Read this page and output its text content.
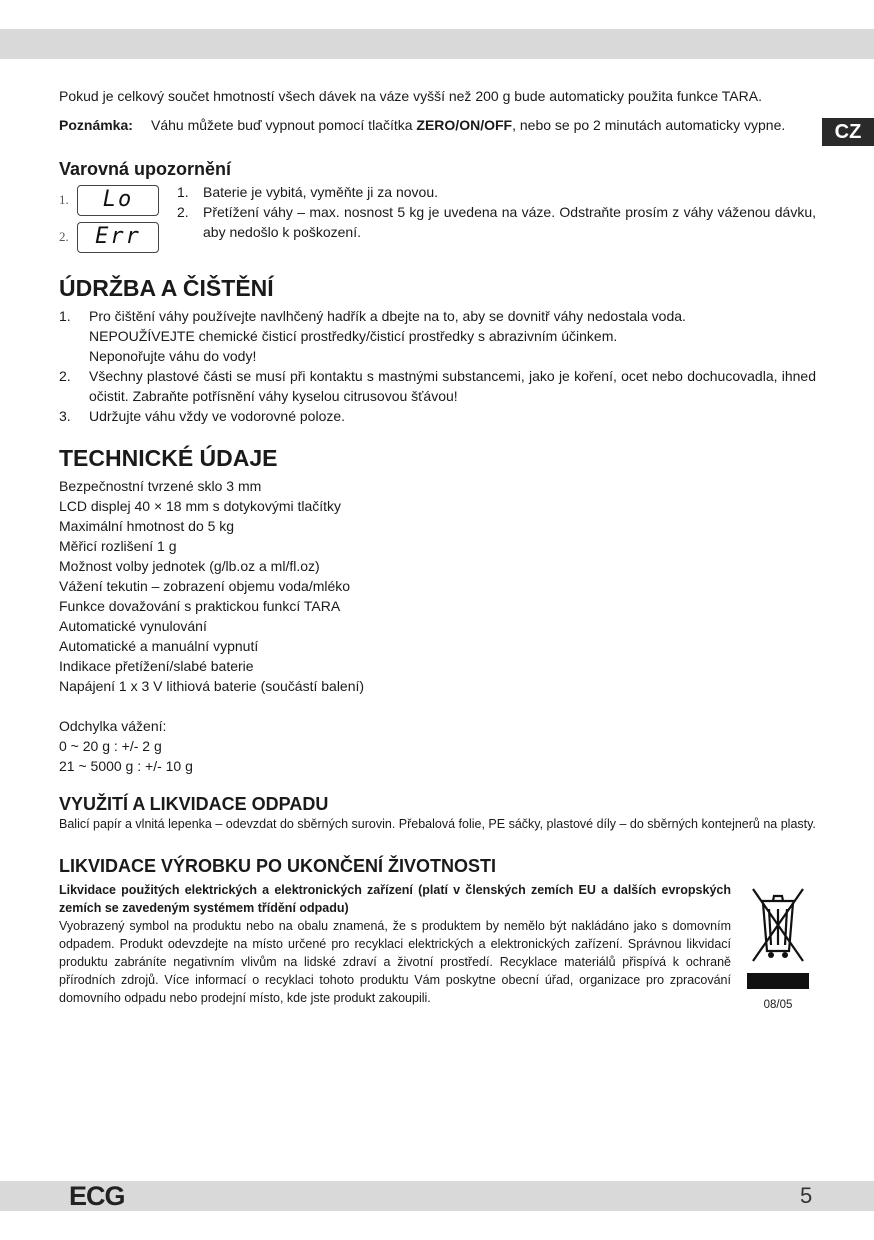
CZ

Pokud je celkový součet hmotností všech dávek na váze vyšší než 200 g bude automaticky použita funkce TARA.

Poznámka:	Váhu můžete buď vypnout pomocí tlačítka ZERO/ON/OFF, nebo se po 2 minutách automaticky vypne.
Varovná upozornění
1.	Lo
2.	Err
1.	Baterie je vybitá, vyměňte ji za novou.
2.	Přetížení váhy – max. nosnost 5 kg je uvedena na váze. Odstraňte prosím z váhy váženou dávku, aby nedošlo k poškození.
ÚDRŽBA A ČIŠTĚNÍ
1.	Pro čištění váhy používejte navlhčený hadřík a dbejte na to, aby se dovnitř váhy nedostala voda.
NEPOUŽÍVEJTE chemické čisticí prostředky/čisticí prostředky s abrazivním účinkem.
Neponořujte váhu do vody!
2.	Všechny plastové části se musí při kontaktu s mastnými substancemi, jako je koření, ocet nebo dochucovadla, ihned očistit. Zabraňte potřísnění váhy kyselou citrusovou šťávou!
3.	Udržujte váhu vždy ve vodorovné poloze.
TECHNICKÉ ÚDAJE
Bezpečnostní tvrzené sklo 3 mm
LCD displej 40 × 18 mm s dotykovými tlačítky
Maximální hmotnost do 5 kg
Měřicí rozlišení 1 g
Možnost volby jednotek (g/lb.oz a ml/fl.oz)
Vážení tekutin – zobrazení objemu voda/mléko
Funkce dovažování s praktickou funkcí TARA
Automatické vynulování
Automatické a manuální vypnutí
Indikace přetížení/slabé baterie
Napájení 1 x 3 V lithiová baterie (součástí balení)
Odchylka vážení:
0 ~ 20 g : +/- 2 g
21 ~ 5000 g : +/- 10 g
VYUŽITÍ A LIKVIDACE ODPADU

Balicí papír a vlnitá lepenka – odevzdat do sběrných surovin. Přebalová folie, PE sáčky, plastové díly – do sběrných kontejnerů na plasty.

LIKVIDACE VÝROBKU PO UKONČENÍ ŽIVOTNOSTI

Likvidace použitých elektrických a elektronických zařízení (platí v členských zemích EU a dalších evropských zemích se zavedeným systémem třídění odpadu)

Vyobrazený symbol na produktu nebo na obalu znamená, že s produktem by nemělo být nakládáno jako s domovním odpadem. Produkt odevzdejte na místo určené pro recyklaci elektrických a elektronických zařízení. Správnou likvidací produktu zabráníte negativním vlivům na lidské zdraví a životní prostředí. Recyklace materiálů přispívá k ochraně přírodních zdrojů. Více informací o recyklaci tohoto produktu Vám poskytne obecní úřad, organizace pro zpracování domovního odpadu nebo prodejní místo, kde jste produkt zakoupili.	08/05
ECG	5
